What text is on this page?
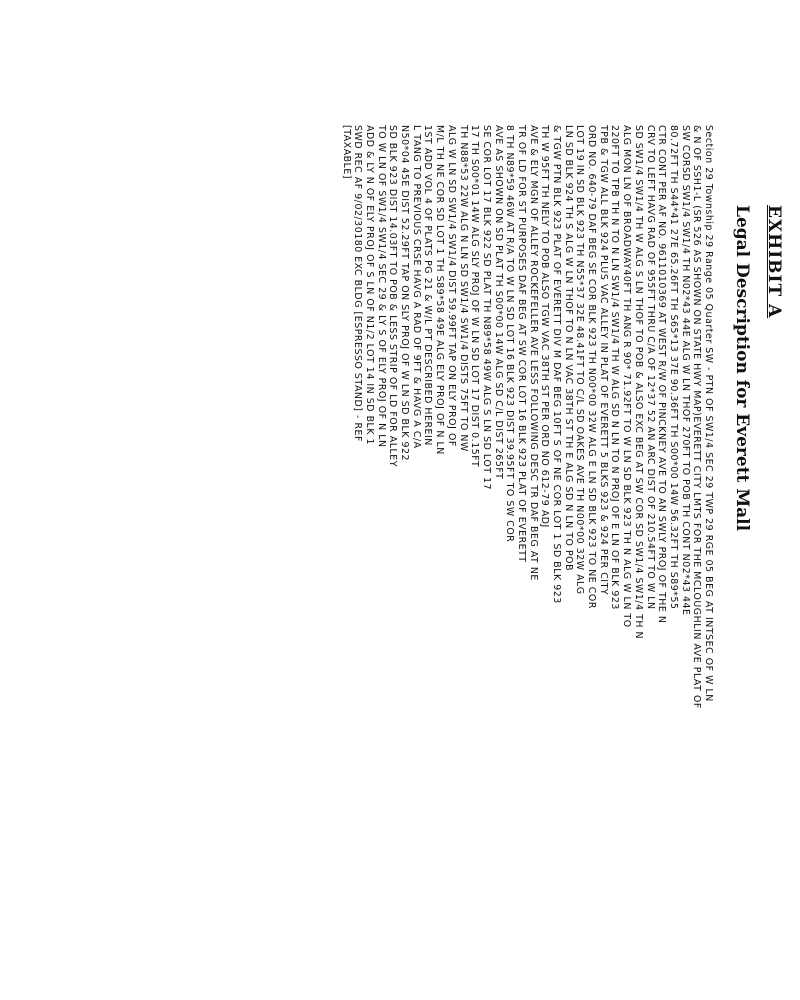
EXHIBIT A
Legal Description for Everett Mall
Section 29 Township 29 Range 05 Quarter SW - PTN OF SW1/4 SEC 29 TWP 29 RGE 05 BEG AT INTSEC OF W LN
& N OF SSH1-L (SR 526 AS SHOWN ON STATE HWY MAP)EVERETT CITY LMTS FOR THE MCLOUGHLIN AVE PLAT OF
SW CORSD SW1/4 SW1/4 TH N02*43 44E ALG W LN THOF 270FT TO POB TH CONT N02*43 44E
80.72FT TH S44*41 27E 65.26FT TH S65*13 37E 90.36FT TH S00*00 14W 56.32FT TH S89*55
CTR CONT PER AF NO. 9611010369 AT WEST R/W OF PINCKNEY AVE TO AN SWLY PROJ OF THE N
CRV TO LEFT HAVG RAD OF 955FT THRU C/A OF 12*37 52 AN ARC DIST OF 210.54FT TO W LN
SD SW1/4 SW1/4 TH W ALG S LN THOF TO POB & ALSO EXC BEG AT SW COR SD SW1/4 SW1/4 TH N
ALG MON LN OF BROADWAY40FT TH ANG R 90* 71.92FT TO W LN SD BLK 923 TH N ALG W LN TO
220FT TO TPB TH N TO N LN SW1/4 SW1/4 TH W ALG SD N LN TO N PROJ OF E LN OF BLK 923
TPB & TGW ALL BLK 924 PLUS VAC ALLEY IN PLAT OF EVERETT 5 BLKS 923 & 924 PER CITY
ORD NO. 640-79 DAF BEG SE COR BLK 923 TH N00*00 32W ALG E LN SD BLK 923 TO NE COR
LOT 19 IN SD BLK 923 TH N55*37 32E 48.41FT TO C/L SD OAKES AVE TH N00*00 32W ALG
LN SD BLK 924 TH S ALG W LN THOF TO N LN VAC 38TH ST TH E ALG SD N LN TO POB
& TGW PTN BLK 923 PLAT OF EVERETT DIV M DAF BEG 10FT S OF NE COR LOT 1 SD BLK 923
TH W 95FT TH NELY TO POB ALSO TGW VAC 38TH ST PER ORD NO 612-79 ADJ
AVE & ELY MGN OF ALLEY ROCKEFELLER AVE LESS FOLLOWING DESC TR DAF BEG AT NE
TR OF LD FOR ST PURPOSES DAF BEG AT SW COR LOT 16 BLK 923 PLAT OF EVERETT
8 TH N89*59 46W AT R/A TO W LN SD LOT 16 BLK 923 DIST 39.95FT TO SW COR
AVE AS SHOWN ON SD PLAT TH S00*00 14W ALG SD C/L DIST 265FT
SE COR LOT 17 BLK 922 SD PLAT TH N89*58 49W ALG S LN SD LOT 17
17 TH S00*01 14W ALG SLY PROJ OF W LN SD LOT 17 DIST 0.15FT
TH N88*53 22W ALG N LN SD SW1/4 SW1/4 DISTS 75FT TO NW
ALG W LN SD SW1/4 SW1/4 DIST 59.99FT TAP ON ELY PROJ OF
M/L TH NE COR SD LOT 1 TH S89*58 49E ALG ELY PROJ OF N LN
1ST ADD VOL 4 OF PLATS PG 21 & W/L PT DESCRIBED HEREIN
L TANG TO PREVIOUS CRSE HAVG A RAD OF 9FT & HAVG A C/A
N50*04 45E DIST 52.29FT TAP ON SLY PROJ OF W LN SD BLK 922
SD BLK 923 DIST 14.03FT TO POB & LESS STRIP OF LD FOR ALLEY
TO W LN OF SW1/4 SW1/4 SEC 29 & LY S OF ELY PROJ OF N LN
ADD & LY N OF ELY PROJ OF S LN OF N1/2 LOT 14 IN SD BLK 1
SWD REC AF 9/02/30180 EXC BLDG [ESPRESSO STAND] - REF
[TAXABLE]
